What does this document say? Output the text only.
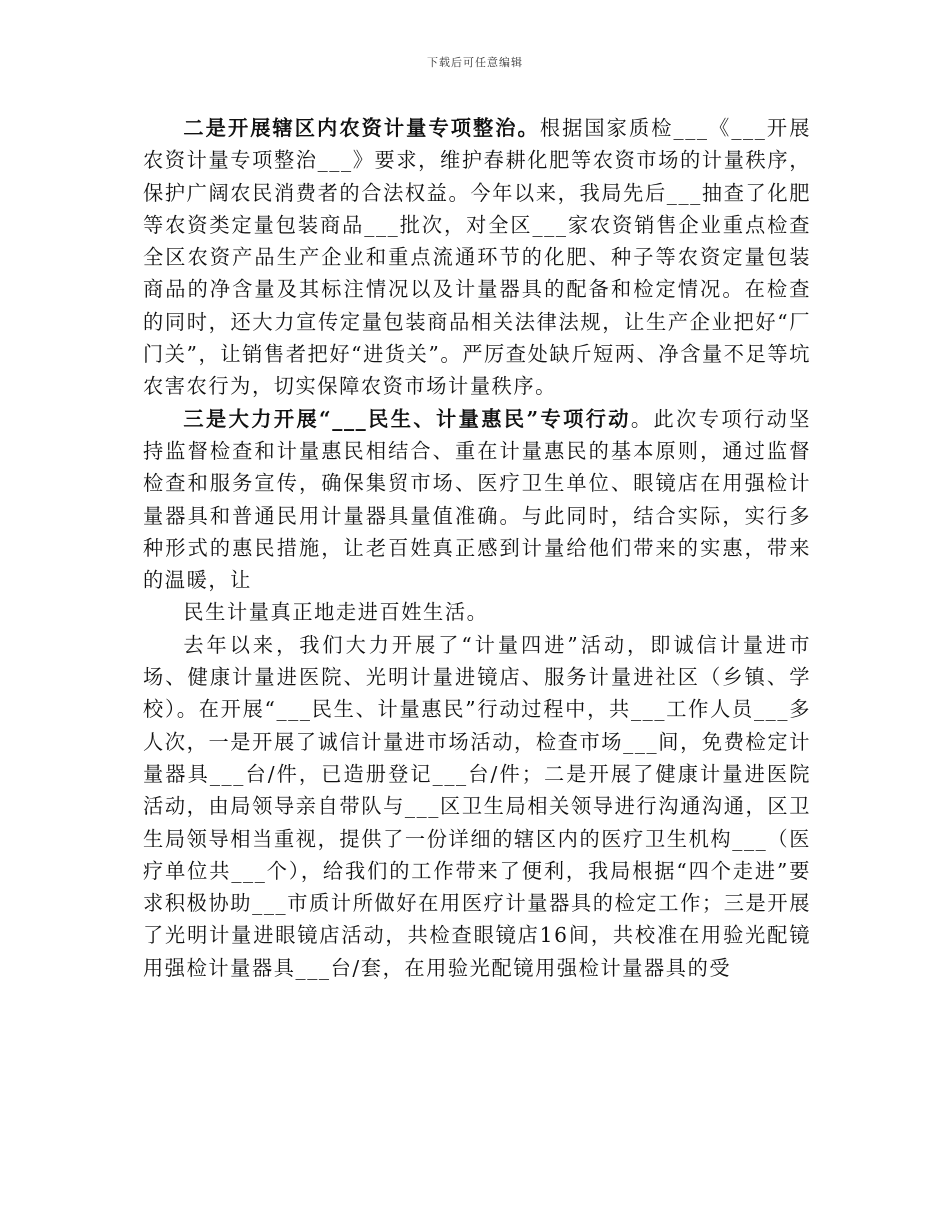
下载后可任意编辑

二是开展辖区内农资计量专项整治。根据国家质检___《___开展农资计量专项整治___》要求，维护春耕化肥等农资市场的计量秩序，保护广阔农民消费者的合法权益。今年以来，我局先后___抽查了化肥等农资类定量包装商品___批次，对全区___家农资销售企业重点检查全区农资产品生产企业和重点流通环节的化肥、种子等农资定量包装商品的净含量及其标注情况以及计量器具的配备和检定情况。在检查的同时，还大力宣传定量包装商品相关法律法规，让生产企业把好“厂门关”，让销售者把好“进货关”。严厉查处缺斤短两、净含量不足等坑农害农行为，切实保障农资市场计量秩序。

三是大力开展“___民生、计量惠民”专项行动。此次专项行动坚持监督检查和计量惠民相结合、重在计量惠民的基本原则，通过监督检查和服务宣传，确保集贸市场、医疗卫生单位、眼镜店在用强检计量器具和普通民用计量器具量值准确。与此同时，结合实际，实行多种形式的惠民措施，让老百姓真正感到计量给他们带来的实惠，带来的温暖，让

民生计量真正地走进百姓生活。

去年以来，我们大力开展了“计量四进”活动，即诚信计量进市场、健康计量进医院、光明计量进镜店、服务计量进社区（乡镇、学校）。在开展“___民生、计量惠民”行动过程中，共___工作人员___多人次，一是开展了诚信计量进市场活动，检查市场___间，免费检定计量器具___台/件，已造册登记___台/件；二是开展了健康计量进医院活动，由局领导亲自带队与___区卫生局相关领导进行沟通沟通，区卫生局领导相当重视，提供了一份详细的辖区内的医疗卫生机构___（医疗单位共___个），给我们的工作带来了便利，我局根据“四个走进”要求积极协助___市质计所做好在用医疗计量器具的检定工作；三是开展了光明计量进眼镜店活动，共检查眼镜店16间，共校准在用验光配镜用强检计量器具___台/套，在用验光配镜用强检计量器具的受
